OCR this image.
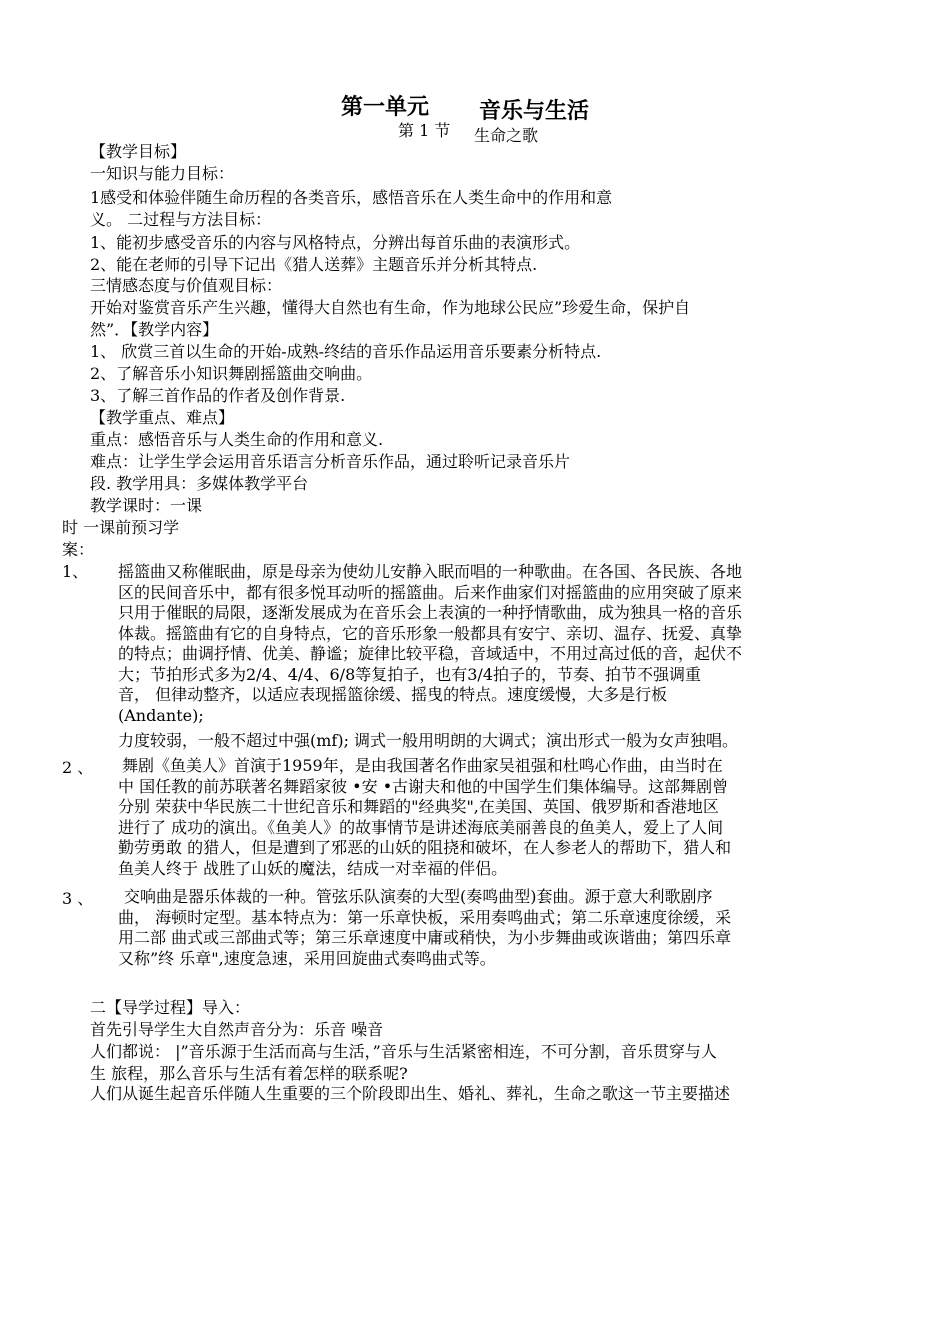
第一单元 音乐与生活
第 1 节 生命之歌
【教学目标】
一知识与能力目标：
1感受和体验伴随生命历程的各类音乐，感悟音乐在人类生命中的作用和意
义。 二过程与方法目标：
1、能初步感受音乐的内容与风格特点，分辨出每首乐曲的表演形式。
2、能在老师的引导下记出《猎人送葬》主题音乐并分析其特点.
三情感态度与价值观目标：
开始对鉴赏音乐产生兴趣，懂得大自然也有生命，作为地球公民应”珍爱生命，保护自
然”．【教学内容】
1、 欣赏三首以生命的开始-成熟-终结的音乐作品运用音乐要素分析特点.
2、了解音乐小知识舞剧摇篮曲交响曲。
3、了解三首作品的作者及创作背景.
【教学重点、难点】
重点：感悟音乐与人类生命的作用和意义.
难点：让学生学会运用音乐语言分析音乐作品，通过聆听记录音乐片
段. 教学用具：多媒体教学平台
教学课时：一课
时 一课前预习学
案：
1、 摇篮曲又称催眠曲，原是母亲为使幼儿安静入眠而唱的一种歌曲。在各国、各民族、各地
区的民间音乐中，都有很多悦耳动听的摇篮曲。后来作曲家们对摇篮曲的应用突破了原来
只用于催眠的局限，逐渐发展成为在音乐会上表演的一种抒情歌曲，成为独具一格的音乐
体裁。摇篮曲有它的自身特点，它的音乐形象一般都具有安宁、亲切、温存、抚爱、真挚
的特点；曲调抒情、优美、静谧；旋律比较平稳，音域适中，不用过高过低的音，起伏不
大；节拍形式多为2/4、4/4、6/8等复拍子，也有3/4拍子的，节奏、拍节不强调重
音， 但律动整齐，以适应表现摇篮徐缓、摇曳的特点。速度缓慢，大多是行板
(Andante);
力度较弱，一般不超过中强(mf); 调式一般用明朗的大调式；演出形式一般为女声独唱。
2 、 舞剧《鱼美人》首演于1959年，是由我国著名作曲家吴祖强和杜鸣心作曲，由当时在
中 国任教的前苏联著名舞蹈家彼 •安 •古谢夫和他的中国学生们集体编导。这部舞剧曾
分别 荣获中华民族二十世纪音乐和舞蹈的"经典奖",在美国、英国、俄罗斯和香港地区
进行了 成功的演出。《鱼美人》的故事情节是讲述海底美丽善良的鱼美人，爱上了人间
勤劳勇敢 的猎人，但是遭到了邪恶的山妖的阻挠和破坏，在人参老人的帮助下，猎人和
鱼美人终于 战胜了山妖的魔法，结成一对幸福的伴侣。
3 、	交响曲是器乐体裁的一种。管弦乐队演奏的大型(奏鸣曲型)套曲。源于意大利歌剧序
曲， 海顿时定型。基本特点为：第一乐章快板，采用奏鸣曲式；第二乐章速度徐缓，采
用二部 曲式或三部曲式等；第三乐章速度中庸或稍快，为小步舞曲或诙谐曲；第四乐章
又称”终 乐章",速度急速，采用回旋曲式奏鸣曲式等。
二【导学过程】导入：
首先引导学生大自然声音分为：乐音 噪音
人们都说： |”音乐源于生活而高与生活，”音乐与生活紧密相连，不可分割，音乐贯穿与人
生 旅程，那么音乐与生活有着怎样的联系呢?
人们从诞生起音乐伴随人生重要的三个阶段即出生、婚礼、葬礼，生命之歌这一节主要描述
